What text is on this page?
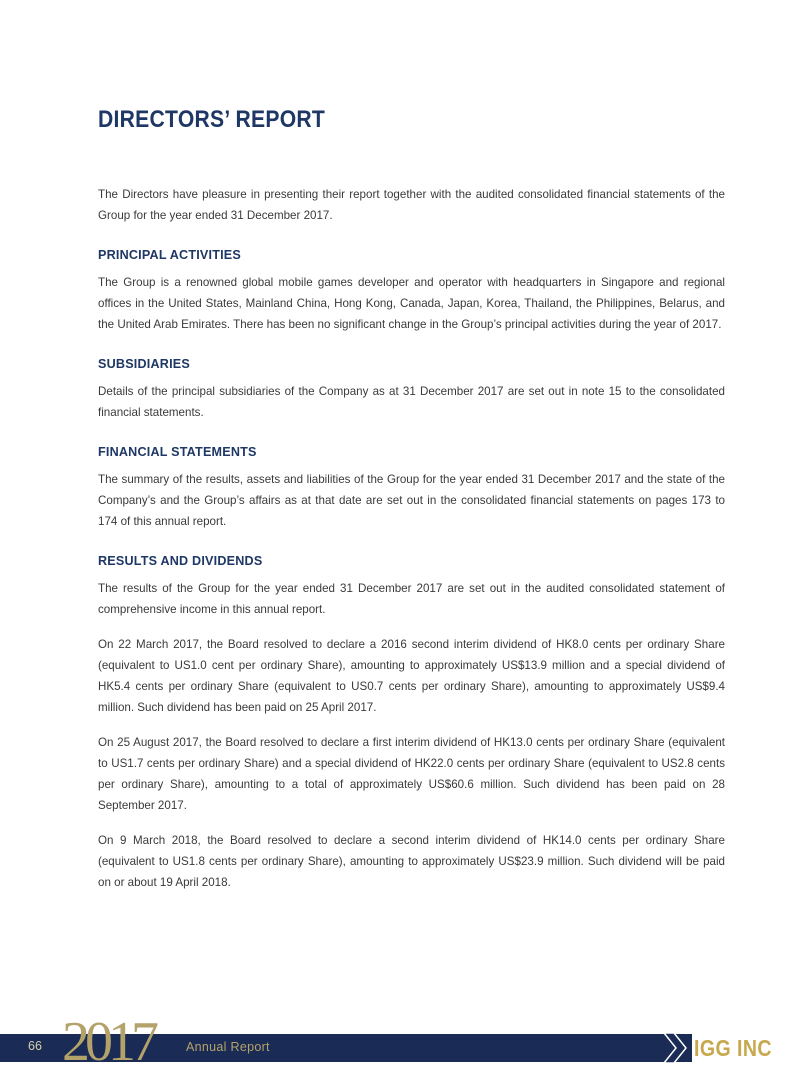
DIRECTORS’ REPORT

The Directors have pleasure in presenting their report together with the audited consolidated financial statements of the Group for the year ended 31 December 2017.

PRINCIPAL ACTIVITIES

The Group is a renowned global mobile games developer and operator with headquarters in Singapore and regional offices in the United States, Mainland China, Hong Kong, Canada, Japan, Korea, Thailand, the Philippines, Belarus, and the United Arab Emirates. There has been no significant change in the Group’s principal activities during the year of 2017.

SUBSIDIARIES

Details of the principal subsidiaries of the Company as at 31 December 2017 are set out in note 15 to the consolidated financial statements.

FINANCIAL STATEMENTS

The summary of the results, assets and liabilities of the Group for the year ended 31 December 2017 and the state of the Company’s and the Group’s affairs as at that date are set out in the consolidated financial statements on pages 173 to 174 of this annual report.

RESULTS AND DIVIDENDS

The results of the Group for the year ended 31 December 2017 are set out in the audited consolidated statement of comprehensive income in this annual report.

On 22 March 2017, the Board resolved to declare a 2016 second interim dividend of HK8.0 cents per ordinary Share (equivalent to US1.0 cent per ordinary Share), amounting to approximately US$13.9 million and a special dividend of HK5.4 cents per ordinary Share (equivalent to US0.7 cents per ordinary Share), amounting to approximately US$9.4 million. Such dividend has been paid on 25 April 2017.

On 25 August 2017, the Board resolved to declare a first interim dividend of HK13.0 cents per ordinary Share (equivalent to US1.7 cents per ordinary Share) and a special dividend of HK22.0 cents per ordinary Share (equivalent to US2.8 cents per ordinary Share), amounting to a total of approximately US$60.6 million. Such dividend has been paid on 28 September 2017.

On 9 March 2018, the Board resolved to declare a second interim dividend of HK14.0 cents per ordinary Share (equivalent to US1.8 cents per ordinary Share), amounting to approximately US$23.9 million. Such dividend will be paid on or about 19 April 2018.

66 2017	Annual Report	IGG INC
